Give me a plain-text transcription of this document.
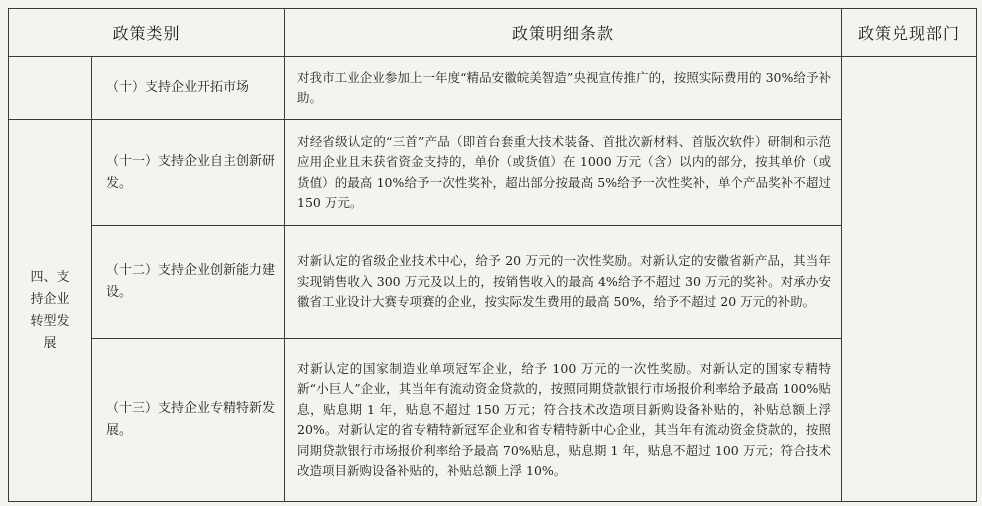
政策类别		政策明细条款	政策兑现部门
	（十）支持企业开拓市场	对我市工业企业参加上一年度“精品安徽皖美智造”央视宣传推广的，按照实际费用的 30%给予补助。	
四、支持企业转型发展	（十一）支持企业自主创新研发。	对经省级认定的“三首”产品（即首台套重大技术装备、首批次新材料、首版次软件）研制和示范应用企业且未获省资金支持的，单价（或货值）在 1000 万元（含）以内的部分，按其单价（或货值）的最高 10%给予一次性奖补，超出部分按最高 5%给予一次性奖补，单个产品奖补不超过 150 万元。	
	（十二）支持企业创新能力建设。	对新认定的省级企业技术中心，给予 20 万元的一次性奖励。对新认定的安徽省新产品，其当年实现销售收入 300 万元及以上的，按销售收入的最高 4%给予不超过 30 万元的奖补。对承办安徽省工业设计大赛专项赛的企业，按实际发生费用的最高 50%，给予不超过 20 万元的补助。	
	（十三）支持企业专精特新发展。	对新认定的国家制造业单项冠军企业，给予 100 万元的一次性奖励。对新认定的国家专精特新“小巨人”企业，其当年有流动资金贷款的，按照同期贷款银行市场报价利率给予最高 100%贴息，贴息期 1 年，贴息不超过 150 万元；符合技术改造项目新购设备补贴的，补贴总额上浮 20%。对新认定的省专精特新冠军企业和省专精特新中心企业，其当年有流动资金贷款的，按照同期贷款银行市场报价利率给予最高 70%贴息，贴息期 1 年，贴息不超过 100 万元；符合技术改造项目新购设备补贴的，补贴总额上浮 10%。	
